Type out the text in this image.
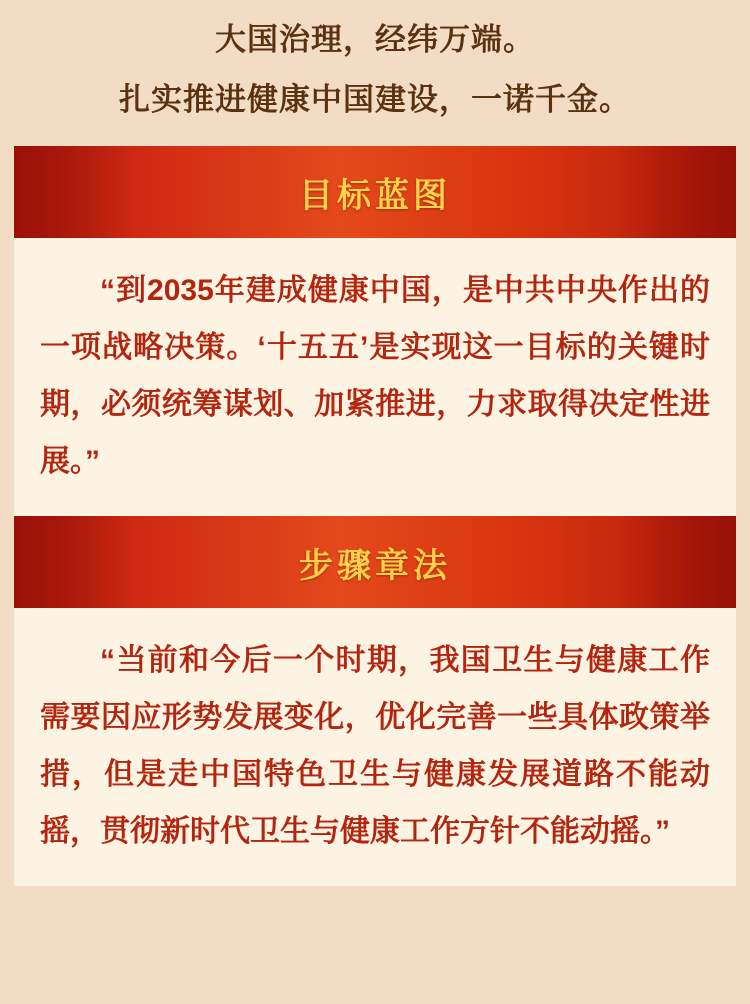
大国治理，经纬万端。
扎实推进健康中国建设，一诺千金。
目标蓝图
“到2035年建成健康中国，是中共中央作出的一项战略决策。‘十五五’是实现这一目标的关键时期，必须统筹谋划、加紧推进，力求取得决定性进展。”
步骤章法
“当前和今后一个时期，我国卫生与健康工作需要因应形势发展变化，优化完善一些具体政策举措，但是走中国特色卫生与健康发展道路不能动摇，贯彻新时代卫生与健康工作方针不能动摇。”
